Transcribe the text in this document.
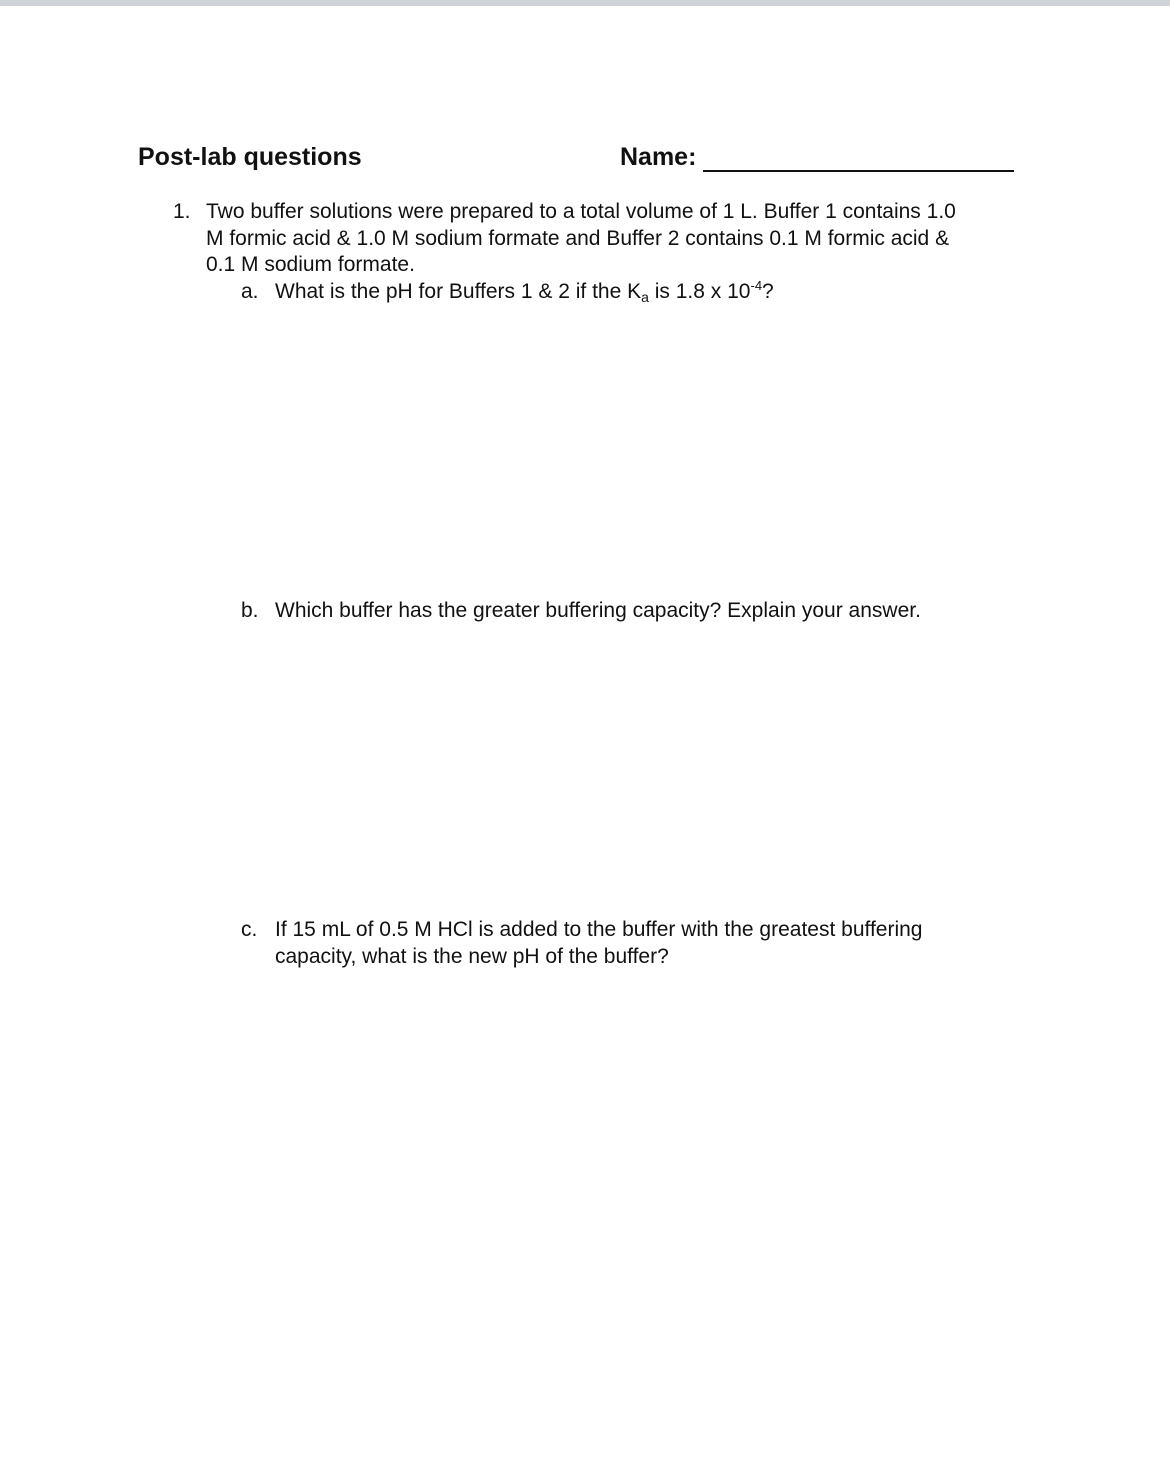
Post-lab questions	Name:
1. Two buffer solutions were prepared to a total volume of 1 L. Buffer 1 contains 1.0
M formic acid & 1.0 M sodium formate and Buffer 2 contains 0.1 M formic acid &
0.1 M sodium formate.
a. What is the pH for Buffers 1 & 2 if the $K_a$ is 1.8 x $10^{-4}$?
b. Which buffer has the greater buffering capacity? Explain your answer.
c. If 15 mL of 0.5 M HCl is added to the buffer with the greatest buffering
capacity, what is the new pH of the buffer?
